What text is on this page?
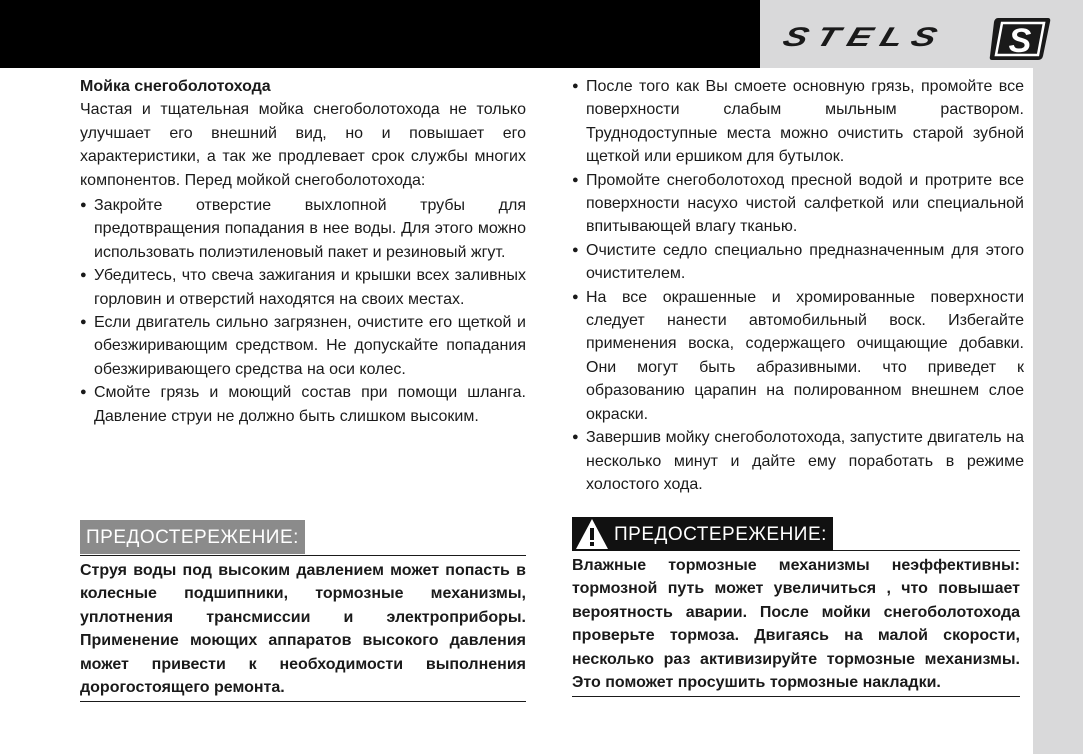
STELS	S
Мойка снегоболотохода
Частая и тщательная мойка снегоболотохода не только улучшает его внешний вид, но и повышает его характеристики, а так же продлевает срок службы многих компонентов. Перед мойкой снегоболотохода:
● Закройте отверстие выхлопной трубы для предотвращения попадания в нее воды. Для этого можно использовать полиэтиленовый пакет и резиновый жгут.
● Убедитесь, что свеча зажигания и крышки всех заливных горловин и отверстий находятся на своих местах.
● Если двигатель сильно загрязнен, очистите его щеткой и обезжиривающим средством. Не допускайте попадания обезжиривающего средства на оси колес.
● Смойте грязь и моющий состав при помощи шланга. Давление струи не должно быть слишком высоким.
ПРЕДОСТЕРЕЖЕНИЕ:
Струя воды под высоким давлением может попасть в колесные подшипники, тормозные механизмы, уплотнения трансмиссии и электроприборы. Применение моющих аппаратов высокого давления может привести к необходимости выполнения дорогостоящего ремонта.
● После того как Вы смоете основную грязь, промойте все поверхности слабым мыльным раствором. Труднодоступные места можно очистить старой зубной щеткой или ершиком для бутылок.
● Промойте снегоболотоход пресной водой и протрите все поверхности насухо чистой салфеткой или специальной впитывающей влагу тканью.
● Очистите седло специально предназначенным для этого очистителем.
● На все окрашенные и хромированные поверхности следует нанести автомобильный воск. Избегайте применения воска, содержащего очищающие добавки. Они могут быть абразивными. что приведет к образованию царапин на полированном внешнем слое окраски.
● Завершив мойку снегоболотохода, запустите двигатель на несколько минут и дайте ему поработать в режиме холостого хода.
ПРЕДОСТЕРЕЖЕНИЕ:
Влажные тормозные механизмы неэффективны: тормозной путь может увеличиться , что повышает вероятность аварии. После мойки снегоболотохода проверьте тормоза. Двигаясь на малой скорости, несколько раз активизируйте тормозные механизмы. Это поможет просушить тормозные накладки.
